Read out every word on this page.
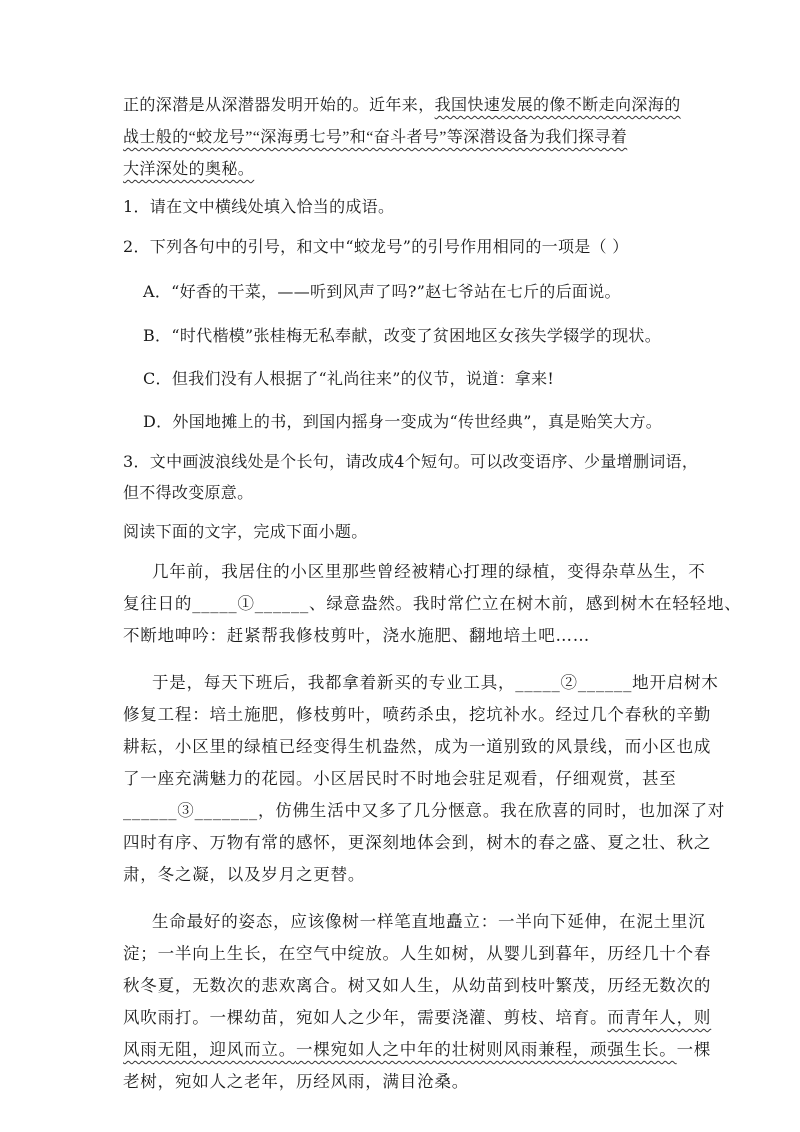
正的深潜是从深潜器发明开始的。近年来，我国快速发展的像不断走向深海的
战士般的“蛟龙号”“深海勇七号”和“奋斗者号”等深潜设备为我们探寻着
大洋深处的奥秘。
1．请在文中横线处填入恰当的成语。
2．下列各句中的引号，和文中“蛟龙号”的引号作用相同的一项是（ ）
A．“好香的干菜，——听到风声了吗?”赵七爷站在七斤的后面说。
B．“时代楷模”张桂梅无私奉献，改变了贫困地区女孩失学辍学的现状。
C．但我们没有人根据了“礼尚往来”的仪节，说道：拿来!
D．外国地摊上的书，到国内摇身一变成为“传世经典”，真是贻笑大方。
3．文中画波浪线处是个长句，请改成4个短句。可以改变语序、少量增删词语，
但不得改变原意。
阅读下面的文字，完成下面小题。
几年前，我居住的小区里那些曾经被精心打理的绿植，变得杂草丛生，不
复往日的_____①______、绿意盎然。我时常伫立在树木前，感到树木在轻轻地、
不断地呻吟：赶紧帮我修枝剪叶，浇水施肥、翻地培土吧……
于是，每天下班后，我都拿着新买的专业工具，_____②______地开启树木
修复工程：培土施肥，修枝剪叶，喷药杀虫，挖坑补水。经过几个春秋的辛勤
耕耘，小区里的绿植已经变得生机盎然，成为一道别致的风景线，而小区也成
了一座充满魅力的花园。小区居民时不时地会驻足观看，仔细观赏，甚至
______③_______，仿佛生活中又多了几分惬意。我在欣喜的同时，也加深了对
四时有序、万物有常的感怀，更深刻地体会到，树木的春之盛、夏之壮、秋之
肃，冬之凝，以及岁月之更替。
生命最好的姿态，应该像树一样笔直地矗立：一半向下延伸，在泥土里沉
淀；一半向上生长，在空气中绽放。人生如树，从婴儿到暮年，历经几十个春
秋冬夏，无数次的悲欢离合。树又如人生，从幼苗到枝叶繁茂，历经无数次的
风吹雨打。一棵幼苗，宛如人之少年，需要浇灌、剪枝、培育。而青年人，则
风雨无阻，迎风而立。一棵宛如人之中年的壮树则风雨兼程，顽强生长。一棵
老树，宛如人之老年，历经风雨，满目沧桑。
